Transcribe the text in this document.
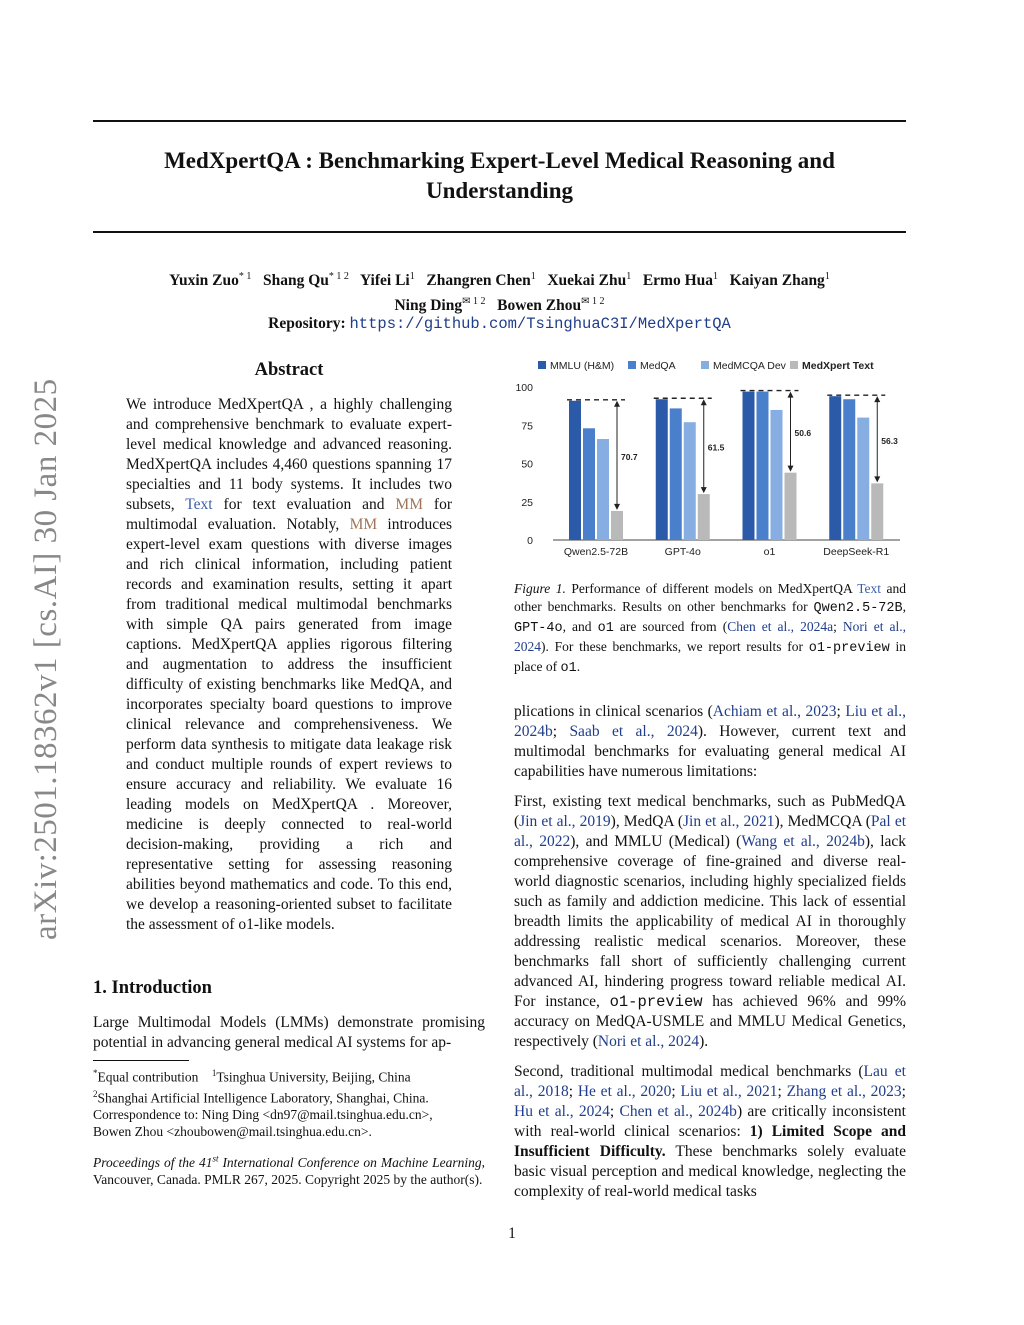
arXiv:2501.18362v1 [cs.AI] 30 Jan 2025
MedXpertQA : Benchmarking Expert-Level Medical Reasoning and Understanding
Yuxin Zuo$^{* 1}$ Shang $Qu^{* 1 2}$ Yifei Li$^1$ Zhangren Chen$^1$ Xuekai Zhu$^1$ Ermo Hua$^1$ Kaiyan Zhang$^1$
Ning Ding$^{✉ 1 2}$ Bowen Zhou$^{✉ 1 2}$
Repository: https://github.com/TsinghuaC3I/MedXpertQA
Abstract
We introduce MedXpertQA , a highly challenging and comprehensive benchmark to evaluate expert-level medical knowledge and advanced reasoning. MedXpertQA includes 4,460 questions spanning 17 specialties and 11 body systems. It includes two subsets, Text for text evaluation and MM for multimodal evaluation. Notably, MM introduces expert-level exam questions with diverse images and rich clinical information, including patient records and examination results, setting it apart from traditional medical multimodal benchmarks with simple QA pairs generated from image captions. MedXpertQA applies rigorous filtering and augmentation to address the insufficient difficulty of existing benchmarks like MedQA, and incorporates specialty board questions to improve clinical relevance and comprehensiveness. We perform data synthesis to mitigate data leakage risk and conduct multiple rounds of expert reviews to ensure accuracy and reliability. We evaluate 16 leading models on MedXpertQA . Moreover, medicine is deeply connected to real-world decision-making, providing a rich and representative setting for assessing reasoning abilities beyond mathematics and code. To this end, we develop a reasoning-oriented subset to facilitate the assessment of o1-like models.
1. Introduction
Large Multimodal Models (LMMs) demonstrate promising potential in advancing general medical AI systems for ap-
*Equal contribution $^1$Tsinghua University, Beijing, China
$^2$Shanghai Artificial Intelligence Laboratory, Shanghai, China.
Correspondence to: Ning Ding <dn97@mail.tsinghua.edu.cn>,
Bowen Zhou <zhoubowen@mail.tsinghua.edu.cn>.
Proceedings of the 41st International Conference on Machine Learning, Vancouver, Canada. PMLR 267, 2025. Copyright 2025 by the author(s).
MMLU (H&M) MedQA	MedMCQA Dev MedXpert Text
0
25
50
75
100
Qwen2.5-72B	GPT-4o	o1	DeepSeek-R1
70.7
61.5
50.6
56.3
Figure 1. Performance of different models on MedXpertQA Text and other benchmarks. Results on other benchmarks for Qwen2.5-72B, GPT-4o, and o1 are sourced from (Chen et al., 2024a; Nori et al., 2024). For these benchmarks, we report results for o1-preview in place of o1.
plications in clinical scenarios (Achiam et al., 2023; Liu et al., 2024b; Saab et al., 2024). However, current text and multimodal benchmarks for evaluating general medical AI capabilities have numerous limitations:
First, existing text medical benchmarks, such as PubMedQA (Jin et al., 2019), MedQA (Jin et al., 2021), MedMCQA (Pal et al., 2022), and MMLU (Medical) (Wang et al., 2024b), lack comprehensive coverage of fine-grained and diverse real-world diagnostic scenarios, including highly specialized fields such as family and addiction medicine. This lack of essential breadth limits the applicability of medical AI in thoroughly addressing realistic medical scenarios. Moreover, these benchmarks fall short of sufficiently challenging current advanced AI, hindering progress toward reliable medical AI. For instance, o1-preview has achieved 96% and 99% accuracy on MedQA-USMLE and MMLU Medical Genetics, respectively (Nori et al., 2024).
Second, traditional multimodal medical benchmarks (Lau et al., 2018; He et al., 2020; Liu et al., 2021; Zhang et al., 2023; Hu et al., 2024; Chen et al., 2024b) are critically inconsistent with real-world clinical scenarios: 1) Limited Scope and Insufficient Difficulty. These benchmarks solely evaluate basic visual perception and medical knowledge, neglecting the complexity of real-world medical tasks
1
